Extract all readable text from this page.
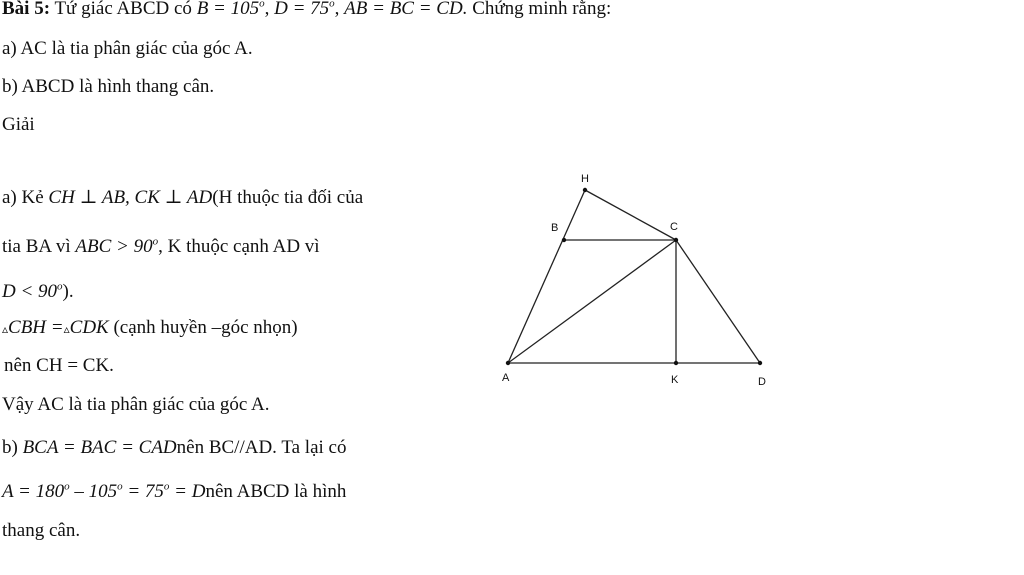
Bài 5: Tứ giác ABCD có $B = 105^o$, $D = 75^o$, AB = BC = CD. Chứng minh rằng:
a) AC là tia phân giác của góc A.
b) ABCD là hình thang cân.
Giải
a) Kẻ CH ⊥ AB, CK ⊥ AD(H thuộc tia đối của
tia BA vì ABC > $90^o$, K thuộc cạnh AD vì
$D < 90^o$).
▵CBH =▵CDK (cạnh huyền –góc nhọn)
nên CH = CK.
Vậy AC là tia phân giác của góc A.
b) BCA = BAC = CADnên BC//AD. Ta lại có
$A = 180^o - 105^o = 75^o$ = Dnên ABCD là hình
thang cân.
H
B	C
A	K	D
